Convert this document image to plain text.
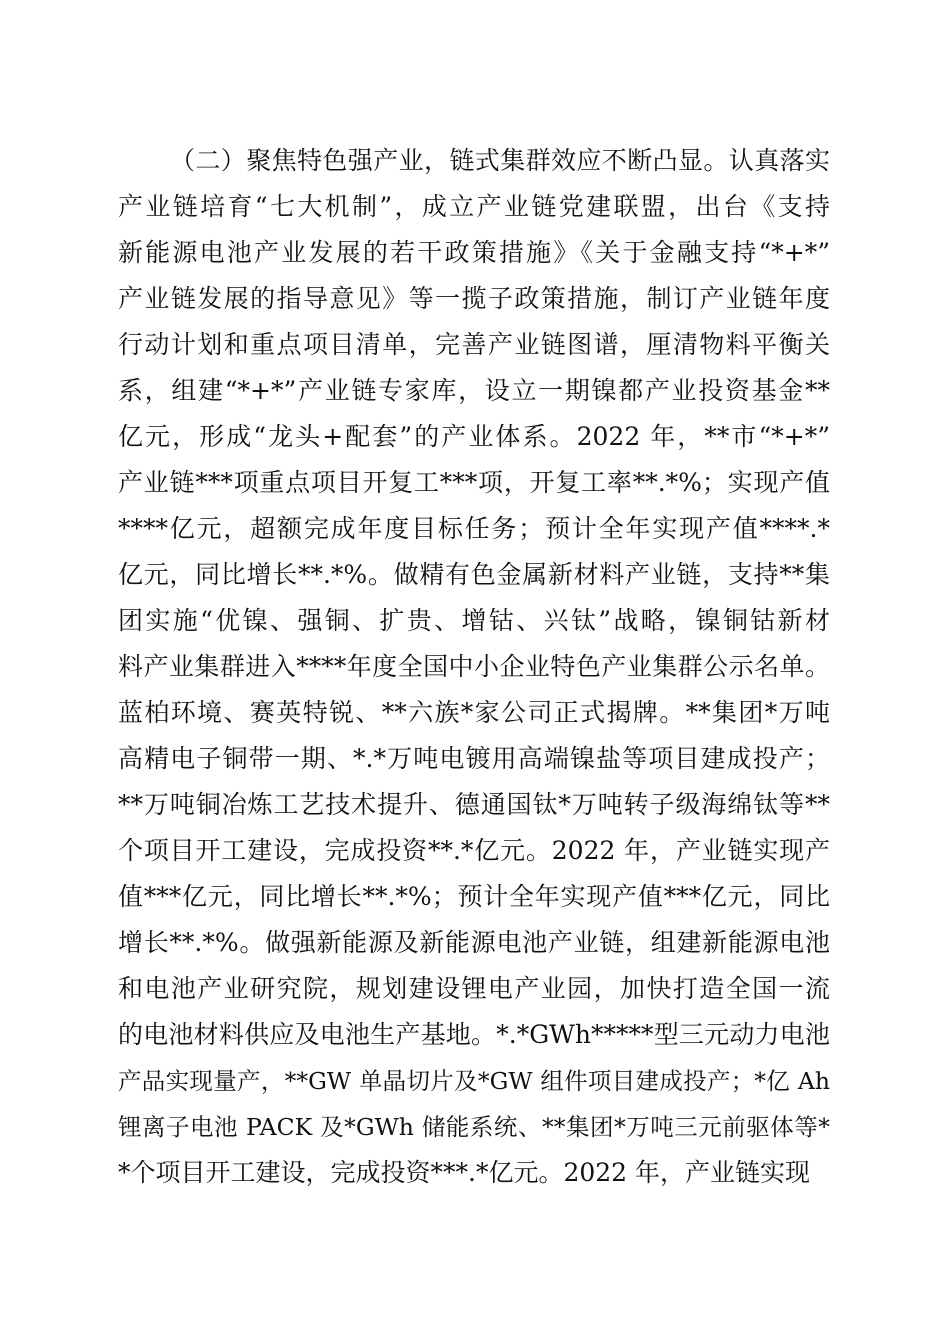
（二）聚焦特色强产业，链式集群效应不断凸显。认真落实
产业链培育“七大机制”，成立产业链党建联盟，出台《支持
新能源电池产业发展的若干政策措施》《关于金融支持“*+*”
产业链发展的指导意见》等一揽子政策措施，制订产业链年度
行动计划和重点项目清单，完善产业链图谱，厘清物料平衡关
系，组建“*+*”产业链专家库，设立一期镍都产业投资基金**
亿元，形成“龙头+配套”的产业体系。2022 年，**市“*+*”
产业链***项重点项目开复工***项，开复工率**.*%；实现产值
****亿元，超额完成年度目标任务；预计全年实现产值****.*
亿元，同比增长**.*%。做精有色金属新材料产业链，支持**集
团实施“优镍、强铜、扩贵、增钴、兴钛”战略，镍铜钴新材
料产业集群进入****年度全国中小企业特色产业集群公示名单。
蓝柏环境、赛英特锐、**六族*家公司正式揭牌。**集团*万吨
高精电子铜带一期、*.*万吨电镀用高端镍盐等项目建成投产；
**万吨铜冶炼工艺技术提升、德通国钛*万吨转子级海绵钛等**
个项目开工建设，完成投资**.*亿元。2022 年，产业链实现产
值***亿元，同比增长**.*%；预计全年实现产值***亿元，同比
增长**.*%。做强新能源及新能源电池产业链，组建新能源电池
和电池产业研究院，规划建设锂电产业园，加快打造全国一流
的电池材料供应及电池生产基地。*.*GWh*****型三元动力电池
产品实现量产，**GW 单晶切片及*GW 组件项目建成投产；*亿 Ah
锂离子电池 PACK 及*GWh 储能系统、**集团*万吨三元前驱体等*
*个项目开工建设，完成投资***.*亿元。2022 年，产业链实现
